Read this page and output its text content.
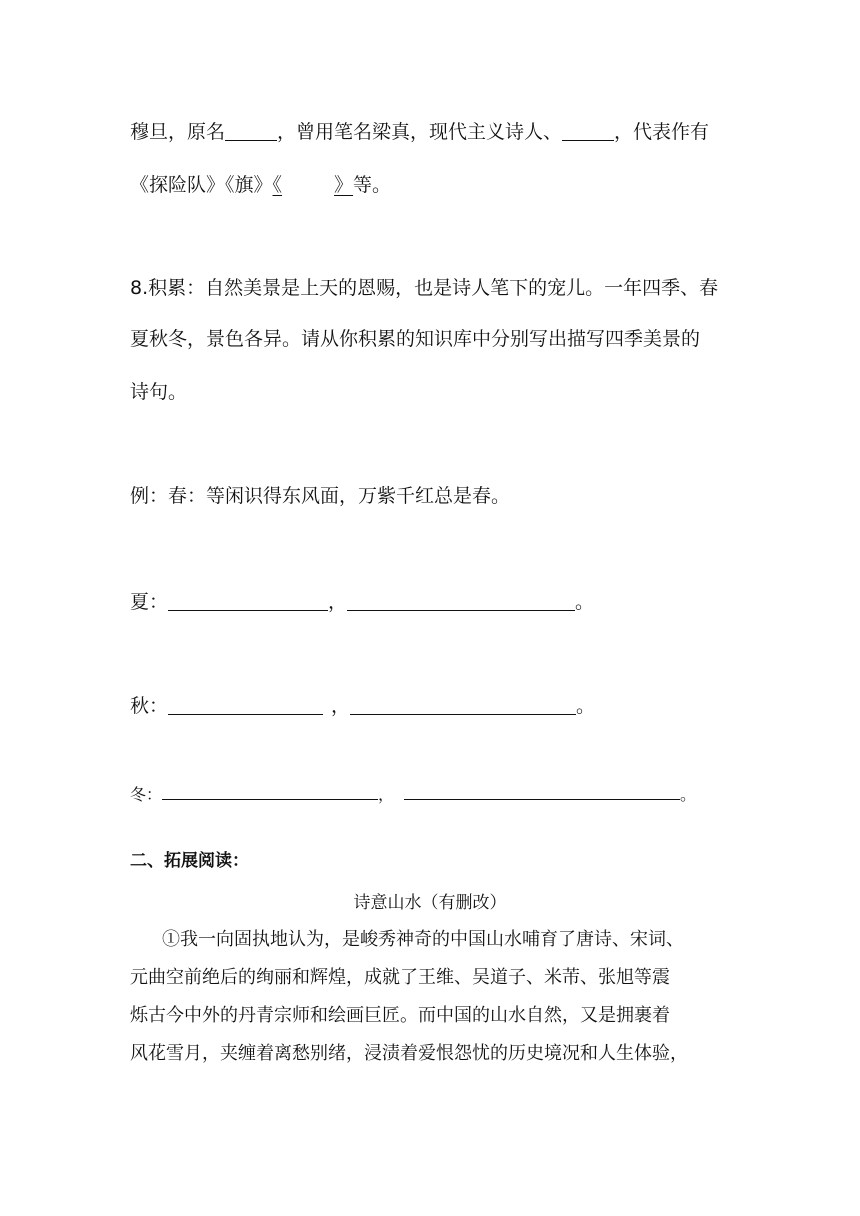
穆旦，原名	，曾用笔名梁真，现代主义诗人、	，代表作有
《探险队》《旗》《	》等。
8.积累：自然美景是上天的恩赐，也是诗人笔下的宠儿。一年四季、春
夏秋冬，景色各异。请从你积累的知识库中分别写出描写四季美景的
诗句。
例：春：等闲识得东风面，万紫千红总是春。
夏：	，	。
秋：	，	。
冬：	，	。
二、拓展阅读：
诗意山水（有删改）
①我一向固执地认为，是峻秀神奇的中国山水哺育了唐诗、宋词、
元曲空前绝后的绚丽和辉煌，成就了王维、吴道子、米芾、张旭等震
烁古今中外的丹青宗师和绘画巨匠。而中国的山水自然，又是拥裹着
风花雪月，夹缠着离愁别绪，浸渍着爱恨怨忧的历史境况和人生体验，
